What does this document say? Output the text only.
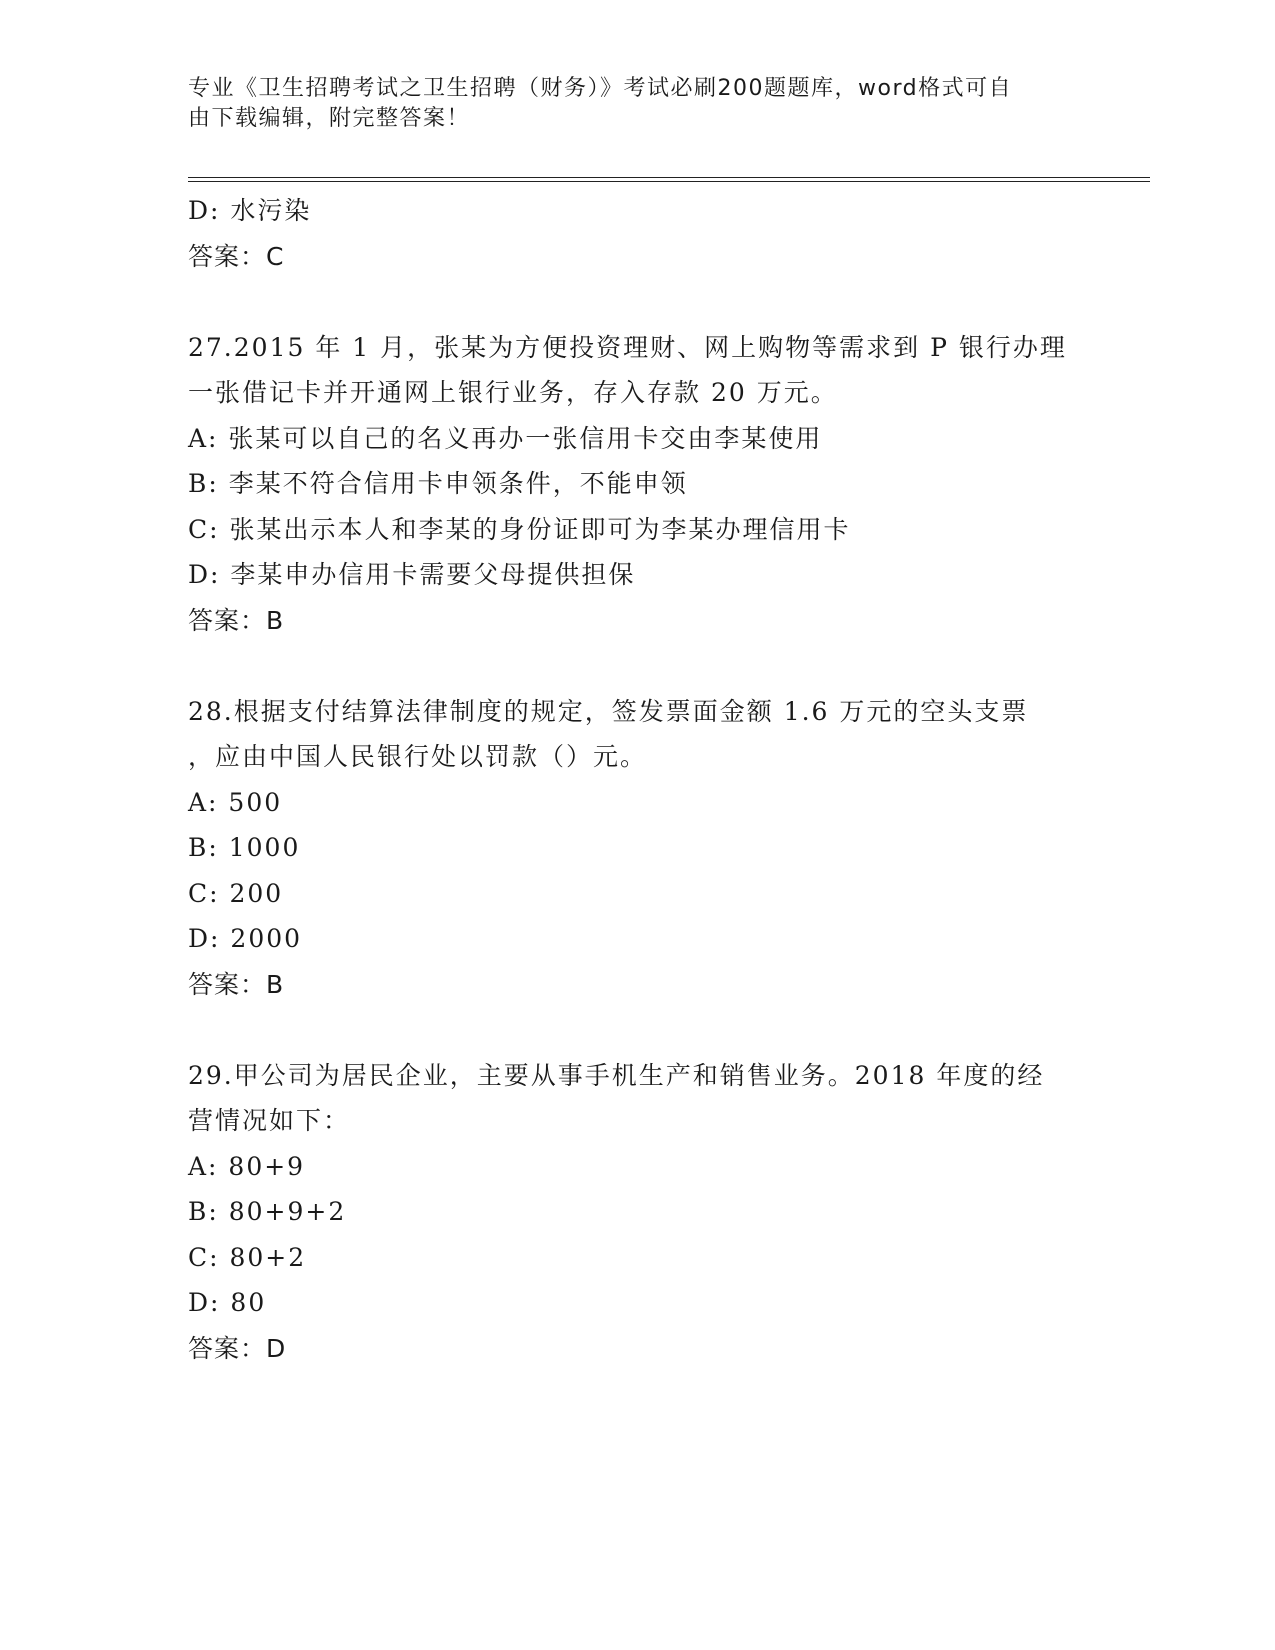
专业《卫生招聘考试之卫生招聘（财务）》考试必刷200题题库，word格式可自
由下载编辑，附完整答案！
D: 水污染
答案：C
27.2015 年 1 月，张某为方便投资理财、网上购物等需求到 P 银行办理
一张借记卡并开通网上银行业务，存入存款 20 万元。
A: 张某可以自己的名义再办一张信用卡交由李某使用
B: 李某不符合信用卡申领条件，不能申领
C: 张某出示本人和李某的身份证即可为李某办理信用卡
D: 李某申办信用卡需要父母提供担保
答案：B
28.根据支付结算法律制度的规定，签发票面金额 1.6 万元的空头支票
，应由中国人民银行处以罚款（）元。
A: 500
B: 1000
C: 200
D: 2000
答案：B
29.甲公司为居民企业，主要从事手机生产和销售业务。2018 年度的经
营情况如下：
A: 80+9
B: 80+9+2
C: 80+2
D: 80
答案：D
